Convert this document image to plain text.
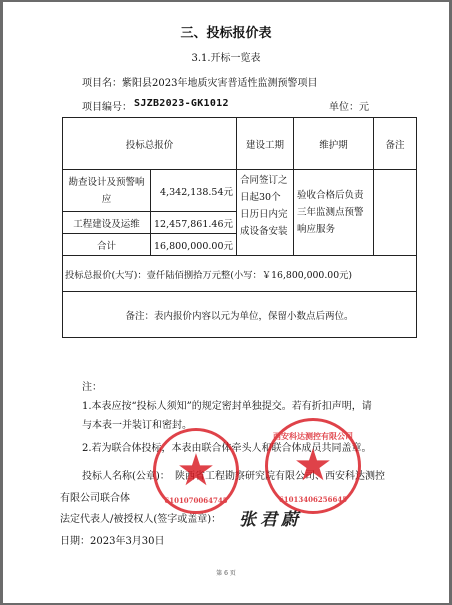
三、投标报价表
3.1.开标一览表
项目名：紫阳县2023年地质灾害普适性监测预警项目
项目编号： SJZB2023-GK1012	单位：元
投标总报价		建设工期	维护期	备注
勘查设计及预警响应	4,342,138.54元	合同签订之日起30个日历日内完成设备安装	验收合格后负责三年监测点预警响应服务	
工程建设及运维	12,457,861.46元			
合计	16,800,000.00元			
投标总报价(大写)：壹仟陆佰捌拾万元整(小写：￥16,800,000.00元)				
备注：表内报价内容以元为单位，保留小数点后两位。				
注：
1.本表应按“投标人须知”的规定密封单独提交。若有折扣声明，请
与本表一并装订和密封。
2.若为联合体投标，本表由联合体牵头人和联合体成员共同盖章。
投标人名称(公章)： 陕西省工程勘察研究院有限公司、西安科达测控
有限公司联合体
法定代表人/被授权人(签字或盖章)：
日期：2023年3月30日
★
6101070064745
西安科达测控有限公司
★
61013406256645
张君蔚
第 6 页
